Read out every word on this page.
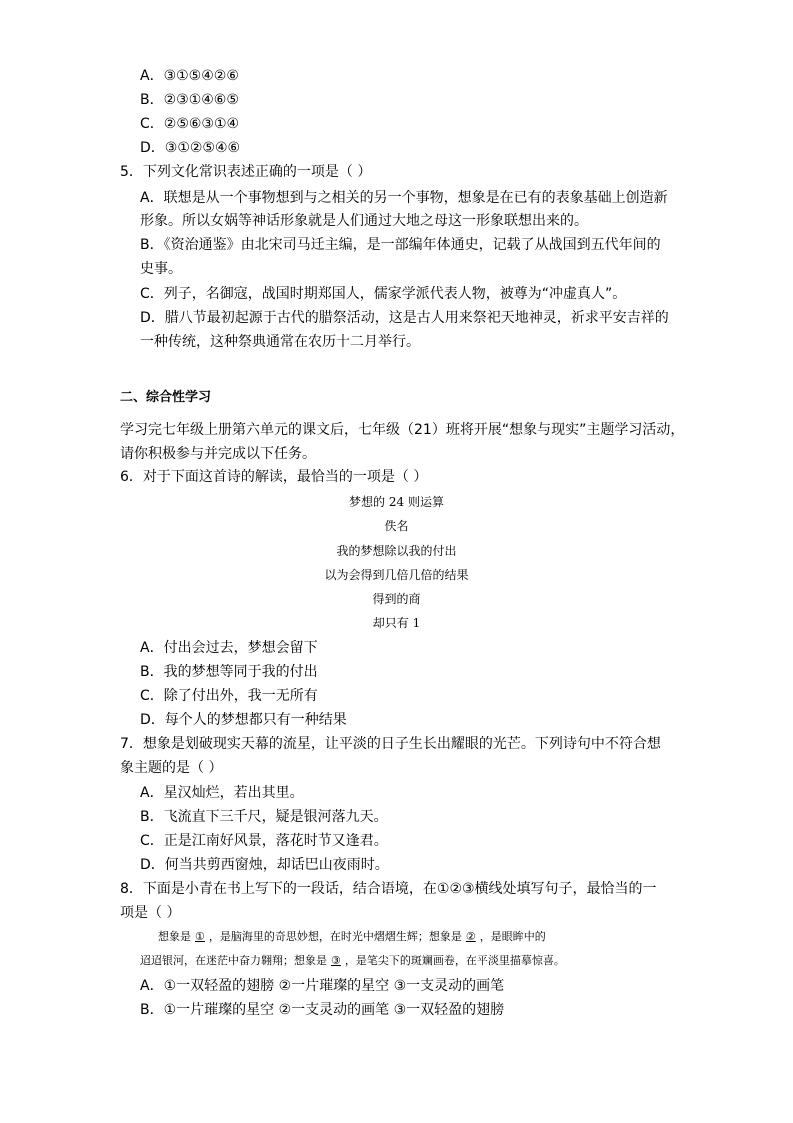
A．③①⑤④②⑥
B．②③①④⑥⑤
C．②⑤⑥③①④
D．③①②⑤④⑥
5．下列文化常识表述正确的一项是（ ）
A．联想是从一个事物想到与之相关的另一个事物，想象是在已有的表象基础上创造新
形象。所以女娲等神话形象就是人们通过大地之母这一形象联想出来的。
B．《资治通鉴》由北宋司马迁主编，是一部编年体通史，记载了从战国到五代年间的
史事。
C．列子，名御寇，战国时期郑国人，儒家学派代表人物，被尊为“冲虚真人”。
D．腊八节最初起源于古代的腊祭活动，这是古人用来祭祀天地神灵，祈求平安吉祥的
一种传统，这种祭典通常在农历十二月举行。
二、综合性学习
学习完七年级上册第六单元的课文后，七年级（21）班将开展“想象与现实”主题学习活动，
请你积极参与并完成以下任务。
6．对于下面这首诗的解读，最恰当的一项是（ ）
梦想的 24 则运算
佚名
我的梦想除以我的付出
以为会得到几倍几倍的结果
得到的商
却只有 1
A．付出会过去，梦想会留下
B．我的梦想等同于我的付出
C．除了付出外，我一无所有
D．每个人的梦想都只有一种结果
7．想象是划破现实天幕的流星，让平淡的日子生长出耀眼的光芒。下列诗句中不符合想
象主题的是（ ）
A．星汉灿烂，若出其里。
B．飞流直下三千尺，疑是银河落九天。
C．正是江南好风景，落花时节又逢君。
D．何当共剪西窗烛，却话巴山夜雨时。
8．下面是小青在书上写下的一段话，结合语境，在①②③横线处填写句子，最恰当的一
项是（ ）
想象是 ① ，是脑海里的奇思妙想，在时光中熠熠生辉；想象是 ② ，是眼眸中的
迢迢银河，在迷茫中奋力翱翔；想象是 ③ ，是笔尖下的斑斓画卷，在平淡里描摹惊喜。
A．①一双轻盈的翅膀 ②一片璀璨的星空 ③一支灵动的画笔
B．①一片璀璨的星空 ②一支灵动的画笔 ③一双轻盈的翅膀
